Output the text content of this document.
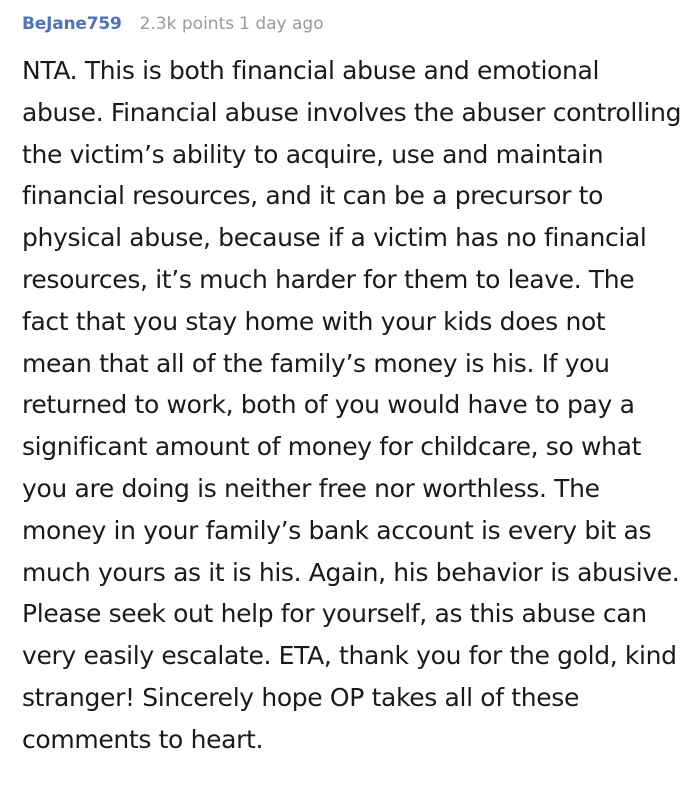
BeJane759 2.3k points 1 day ago

NTA. This is both financial abuse and emotional abuse. Financial abuse involves the abuser controlling the victim’s ability to acquire, use and maintain financial resources, and it can be a precursor to physical abuse, because if a victim has no financial resources, it’s much harder for them to leave. The fact that you stay home with your kids does not mean that all of the family’s money is his. If you returned to work, both of you would have to pay a significant amount of money for childcare, so what you are doing is neither free nor worthless. The money in your family’s bank account is every bit as much yours as it is his. Again, his behavior is abusive. Please seek out help for yourself, as this abuse can very easily escalate. ETA, thank you for the gold, kind stranger! Sincerely hope OP takes all of these comments to heart.
